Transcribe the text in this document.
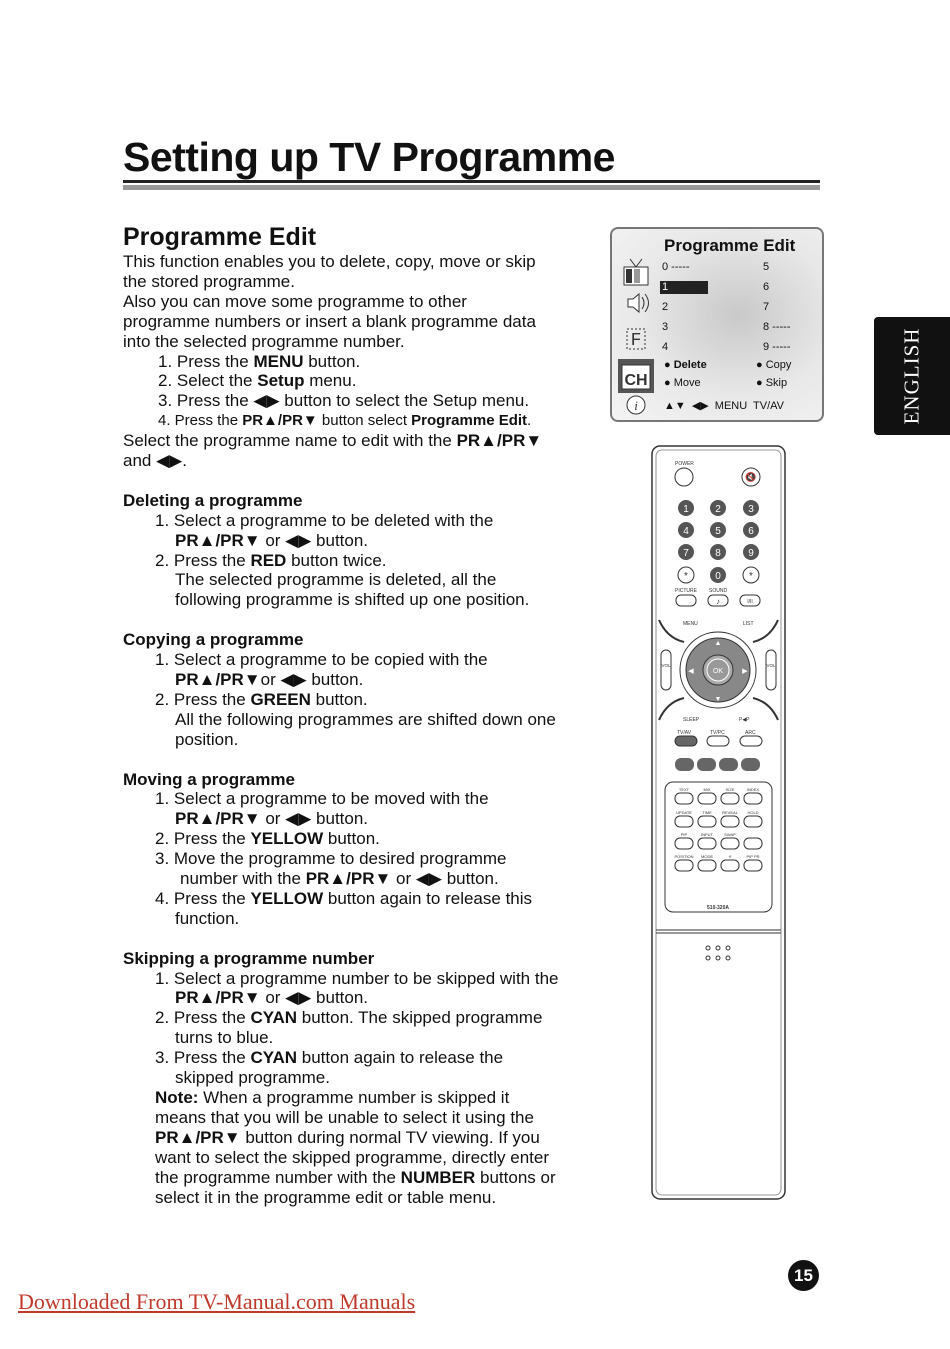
Setting up TV Programme
ENGLISH

Programme Edit

This function enables you to delete, copy, move or skip

the stored programme.

Also you can move some programme to other

programme numbers or insert a blank programme data

into the selected programme number.

1. Press the MENU button.

2. Select the Setup menu.

3. Press the ◀▶ button to select the Setup menu.

4. Press the PR▲/PR▼ button select Programme Edit.

Select the programme name to edit with the PR▲/PR▼

and ◀▶.

Deleting a programme

1. Select a programme to be deleted with the

PR▲/PR▼ or ◀▶ button.

2. Press the RED button twice.

The selected programme is deleted, all the

following programme is shifted up one position.

Copying a programme

1. Select a programme to be copied with the

PR▲/PR▼or ◀▶ button.

2. Press the GREEN button.

All the following programmes are shifted down one

position.

Moving a programme

1. Select a programme to be moved with the

PR▲/PR▼ or ◀▶ button.

2. Press the YELLOW button.

3. Move the programme to desired programme

number with the PR▲/PR▼ or ◀▶ button.

4. Press the YELLOW button again to release this

function.

Skipping a programme number

1. Select a programme number to be skipped with the

PR▲/PR▼ or ◀▶ button.

2. Press the CYAN button. The skipped programme

turns to blue.

3. Press the CYAN button again to release the

skipped programme.

Note: When a programme number is skipped it

means that you will be unable to select it using the

PR▲/PR▼ button during normal TV viewing. If you

want to select the skipped programme, directly enter

the programme number with the NUMBER buttons or

select it in the programme edit or table menu.

F
CH
i
Programme Edit
0 -----
1
2
3
4
5
6
7
8 -----
9 -----
● Delete
● Move
● Copy
● Skip
▲▼ ◀▶ MENU TV/AV
POWER
🔇
1	2	3
4	5	6
7	8	9
*	0	*
PICTURE SOUND
♪	I/II
MENU	LIST
OK
▲
▼
◀	▶
VOL	VOL
SLEEP	P◀P
TV/AV	TV/PC	ARC
TEXT	MIX	SIZE	INDEX
UPDATE	TIME	REVEAL HOLD
PIP	INPUT	SWAP
POSITION MODE	✳	PIP PR
510-320A
15
Downloaded From TV-Manual.com Manuals
